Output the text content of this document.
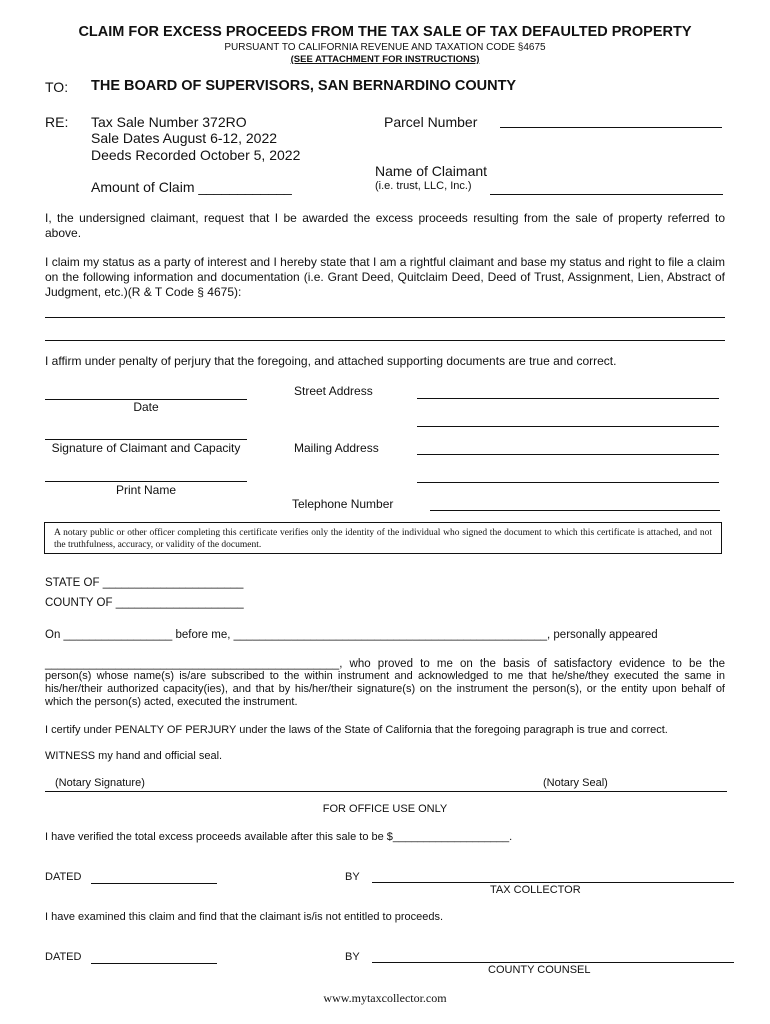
CLAIM FOR EXCESS PROCEEDS FROM THE TAX SALE OF TAX DEFAULTED PROPERTY
PURSUANT TO CALIFORNIA REVENUE AND TAXATION CODE §4675
(SEE ATTACHMENT FOR INSTRUCTIONS)
TO: THE BOARD OF SUPERVISORS, SAN BERNARDINO COUNTY
RE: Tax Sale Number 372RO
Sale Dates August 6-12, 2022
Deeds Recorded October 5, 2022
Amount of Claim ____________
Parcel Number
Name of Claimant
(i.e. trust, LLC, Inc.)
I, the undersigned claimant, request that I be awarded the excess proceeds resulting from the sale of property referred to above.
I claim my status as a party of interest and I hereby state that I am a rightful claimant and base my status and right to file a claim on the following information and documentation (i.e. Grant Deed, Quitclaim Deed, Deed of Trust, Assignment, Lien, Abstract of Judgment, etc.)(R & T Code § 4675):
I affirm under penalty of perjury that the foregoing, and attached supporting documents are true and correct.
Date
Signature of Claimant and Capacity
Print Name
Street Address
Mailing Address
Telephone Number
A notary public or other officer completing this certificate verifies only the identity of the individual who signed the document to which this certificate is attached, and not the truthfulness, accuracy, or validity of the document.
STATE OF ______________________
COUNTY OF ____________________
On _________________ before me, _________________________________________________, personally appeared
______________________________________________, who proved to me on the basis of satisfactory evidence to be the
person(s) whose name(s) is/are subscribed to the within instrument and acknowledged to me that he/she/they executed the same in his/her/their authorized capacity(ies), and that by his/her/their signature(s) on the instrument the person(s), or the entity upon behalf of which the person(s) acted, executed the instrument.
I certify under PENALTY OF PERJURY under the laws of the State of California that the foregoing paragraph is true and correct.
WITNESS my hand and official seal.
(Notary Signature)	(Notary Seal)
FOR OFFICE USE ONLY
I have verified the total excess proceeds available after this sale to be $___________________.
DATED	BY
TAX COLLECTOR
I have examined this claim and find that the claimant is/is not entitled to proceeds.
DATED	BY
COUNTY COUNSEL
www.mytaxcollector.com
